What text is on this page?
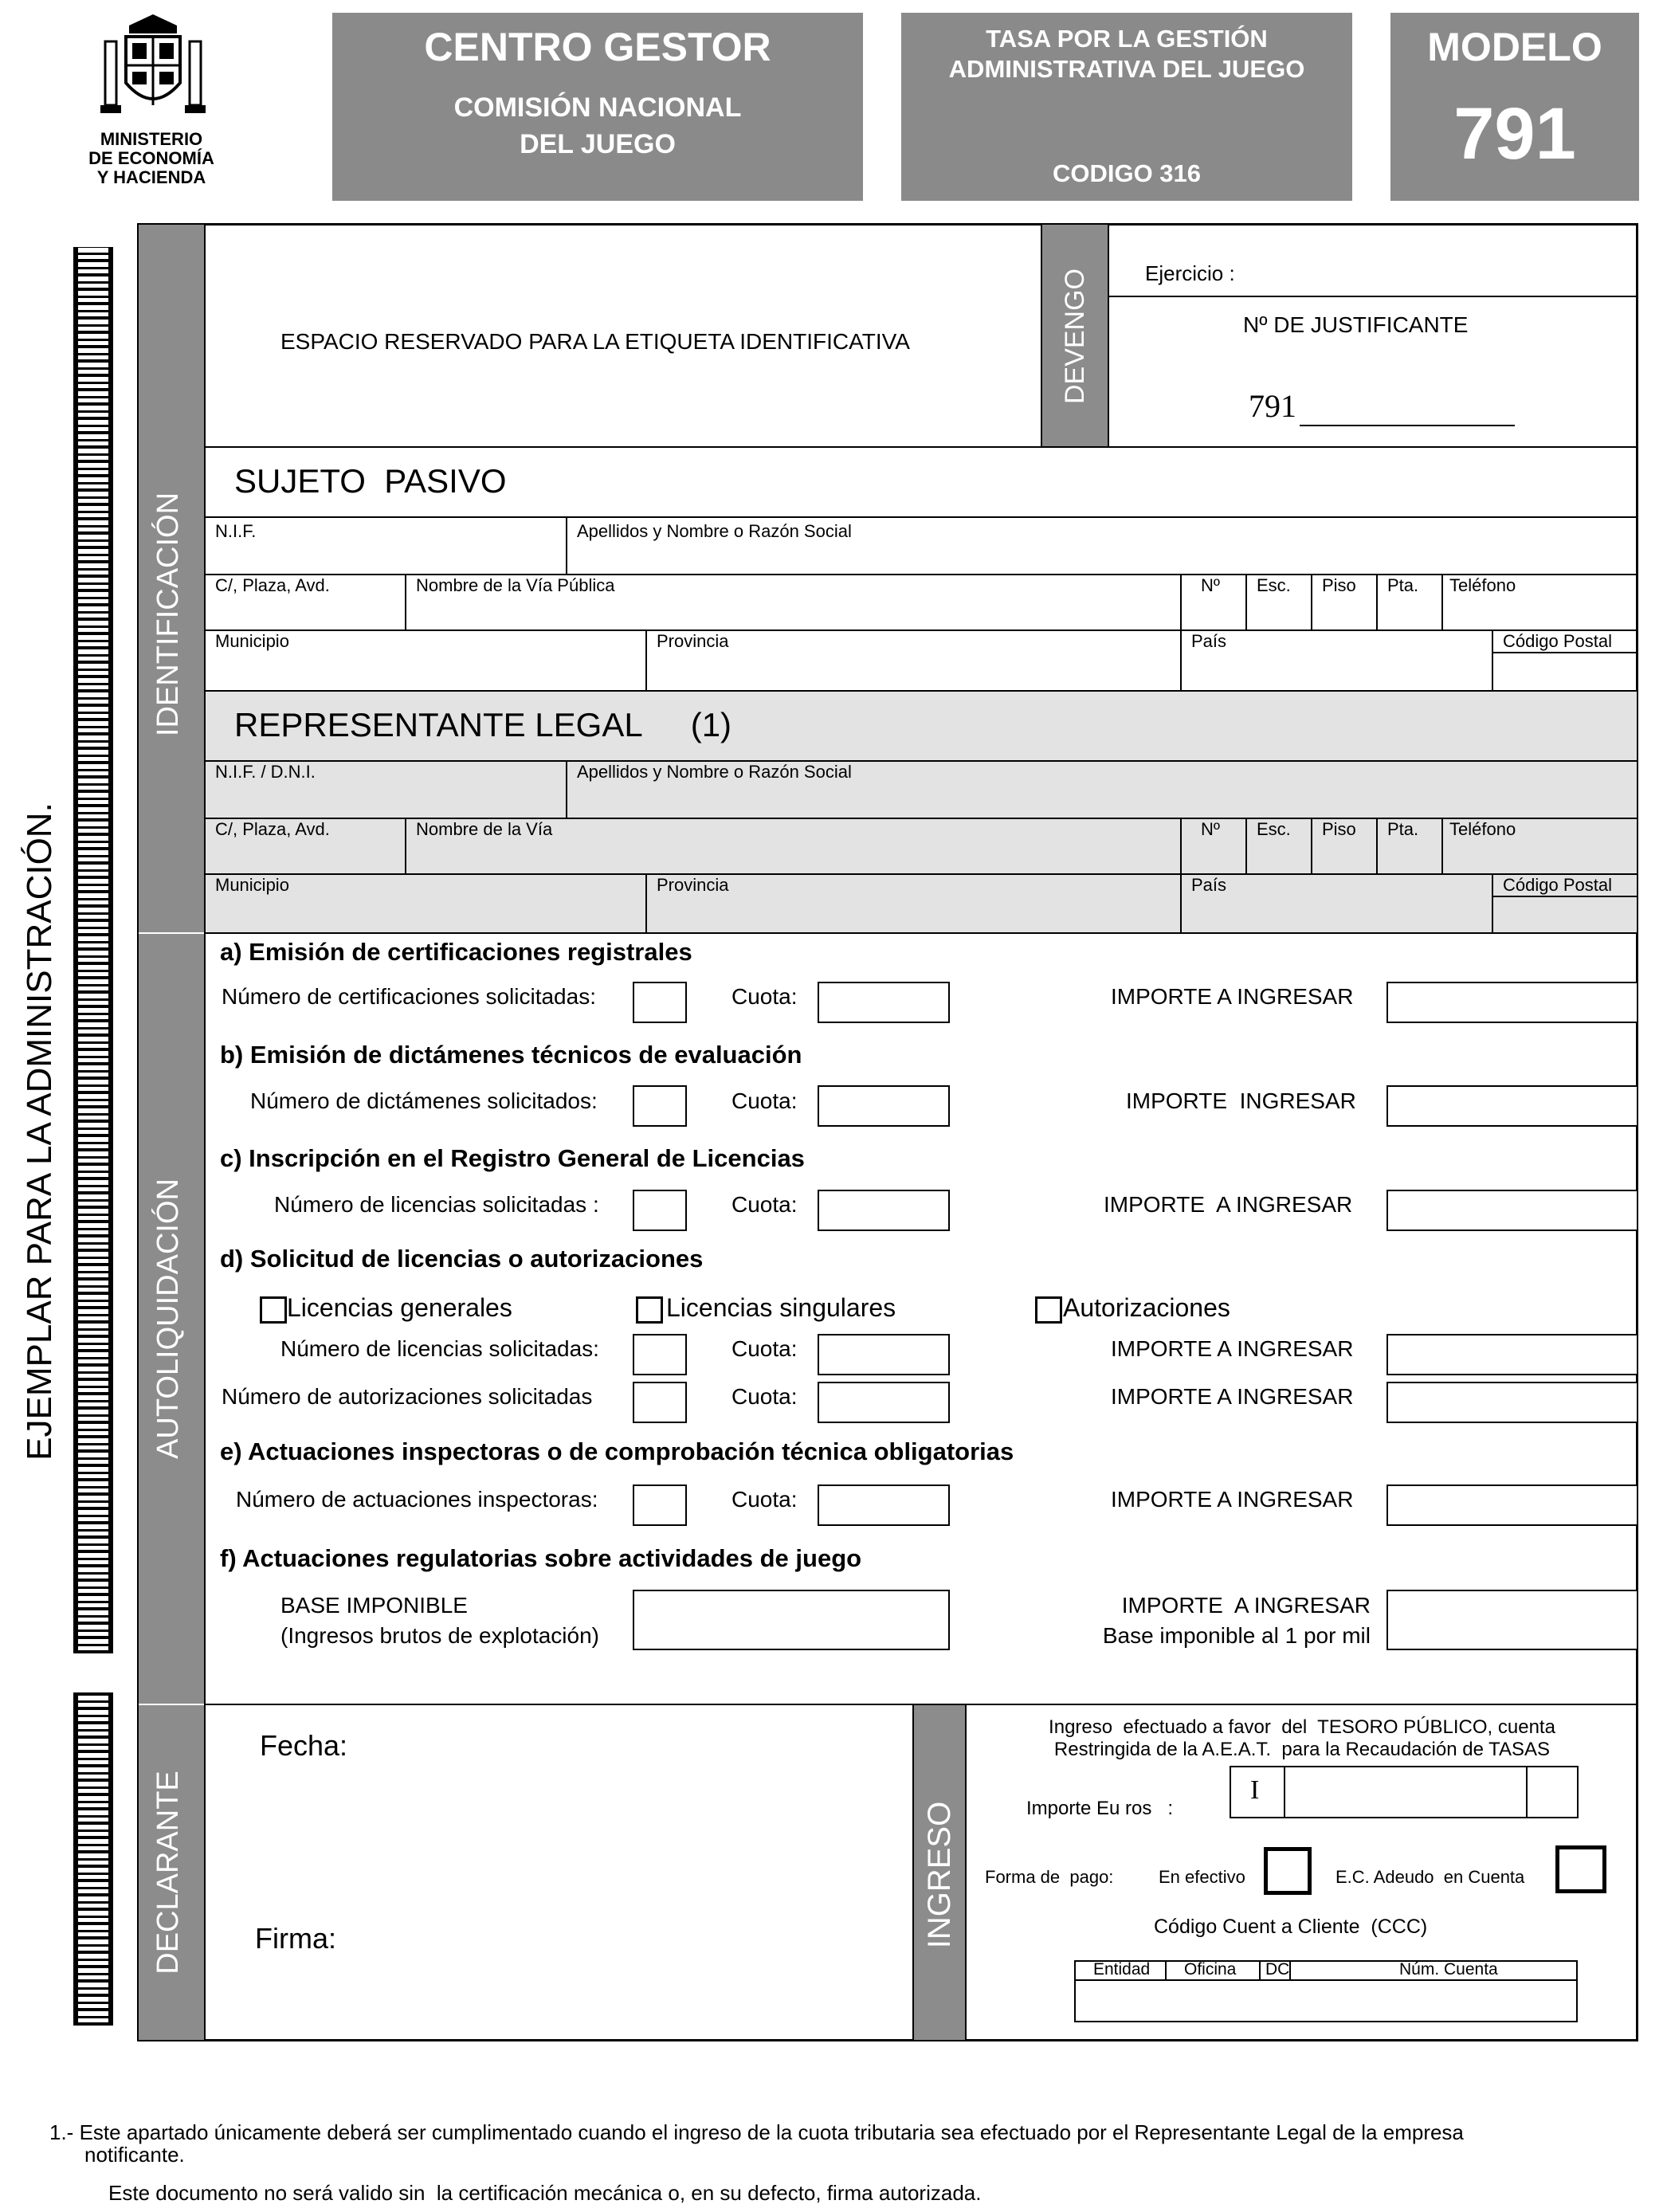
MINISTERIO
DE ECONOMÍA
Y HACIENDA
CENTRO GESTOR
COMISIÓN NACIONAL
DEL JUEGO
TASA POR LA GESTIÓN
ADMINISTRATIVA DEL JUEGO
CODIGO 316
MODELO
791
EJEMPLAR PARA LA ADMINISTRACIÓN.
IDENTIFICACIÓN
AUTOLIQUIDACIÓN
DECLARANTE
ESPACIO RESERVADO PARA LA ETIQUETA IDENTIFICATIVA	DEVENGO	Ejercicio :
Nº DE JUSTIFICANTE
791
SUJETO  PASIVO
N.I.F.	Apellidos y Nombre o Razón Social
C/, Plaza, Avd.	Nombre de la Vía Pública	Nº Esc. Piso Pta. Teléfono
Municipio	Provincia	País	Código Postal
REPRESENTANTE LEGAL (1)
N.I.F. / D.N.I.	Apellidos y Nombre o Razón Social
C/, Plaza, Avd.	Nombre de la Vía	Nº Esc. Piso Pta. Teléfono
Municipio	Provincia	País	Código Postal
a) Emisión de certificaciones registrales
Número de certificaciones solicitadas:	Cuota:	IMPORTE A INGRESAR
b) Emisión de dictámenes técnicos de evaluación
Número de dictámenes solicitados:	Cuota:	IMPORTE  INGRESAR
c) Inscripción en el Registro General de Licencias
Número de licencias solicitadas :	Cuota:	IMPORTE  A INGRESAR
d) Solicitud de licencias o autorizaciones
Licencias generales	Licencias singulares	Autorizaciones
Número de licencias solicitadas:	Cuota:	IMPORTE A INGRESAR
Número de autorizaciones solicitadas	Cuota:	IMPORTE A INGRESAR
e) Actuaciones inspectoras o de comprobación técnica obligatorias
Número de actuaciones inspectoras:	Cuota:	IMPORTE A INGRESAR
f) Actuaciones regulatorias sobre actividades de juego
BASE IMPONIBLE
(Ingresos brutos de explotación)
IMPORTE  A INGRESAR
Base imponible al 1 por mil
Fecha:
Firma:	INGRESO
Ingreso  efectuado a favor  del  TESORO PÚBLICO, cuenta
Restringida de la A.E.A.T.  para la Recaudación de TASAS
Importe Eu ros   :
I
Forma de  pago:	En efectivo	E.C. Adeudo  en Cuenta
Código Cuent a Cliente  (CCC)
Entidad Oficina DC	Núm. Cuenta
1.- Este apartado únicamente deberá ser cumplimentado cuando el ingreso de la cuota tributaria sea efectuado por el Representante Legal de la empresa
notificante.
Este documento no será valido sin  la certificación mecánica o, en su defecto, firma autorizada.
